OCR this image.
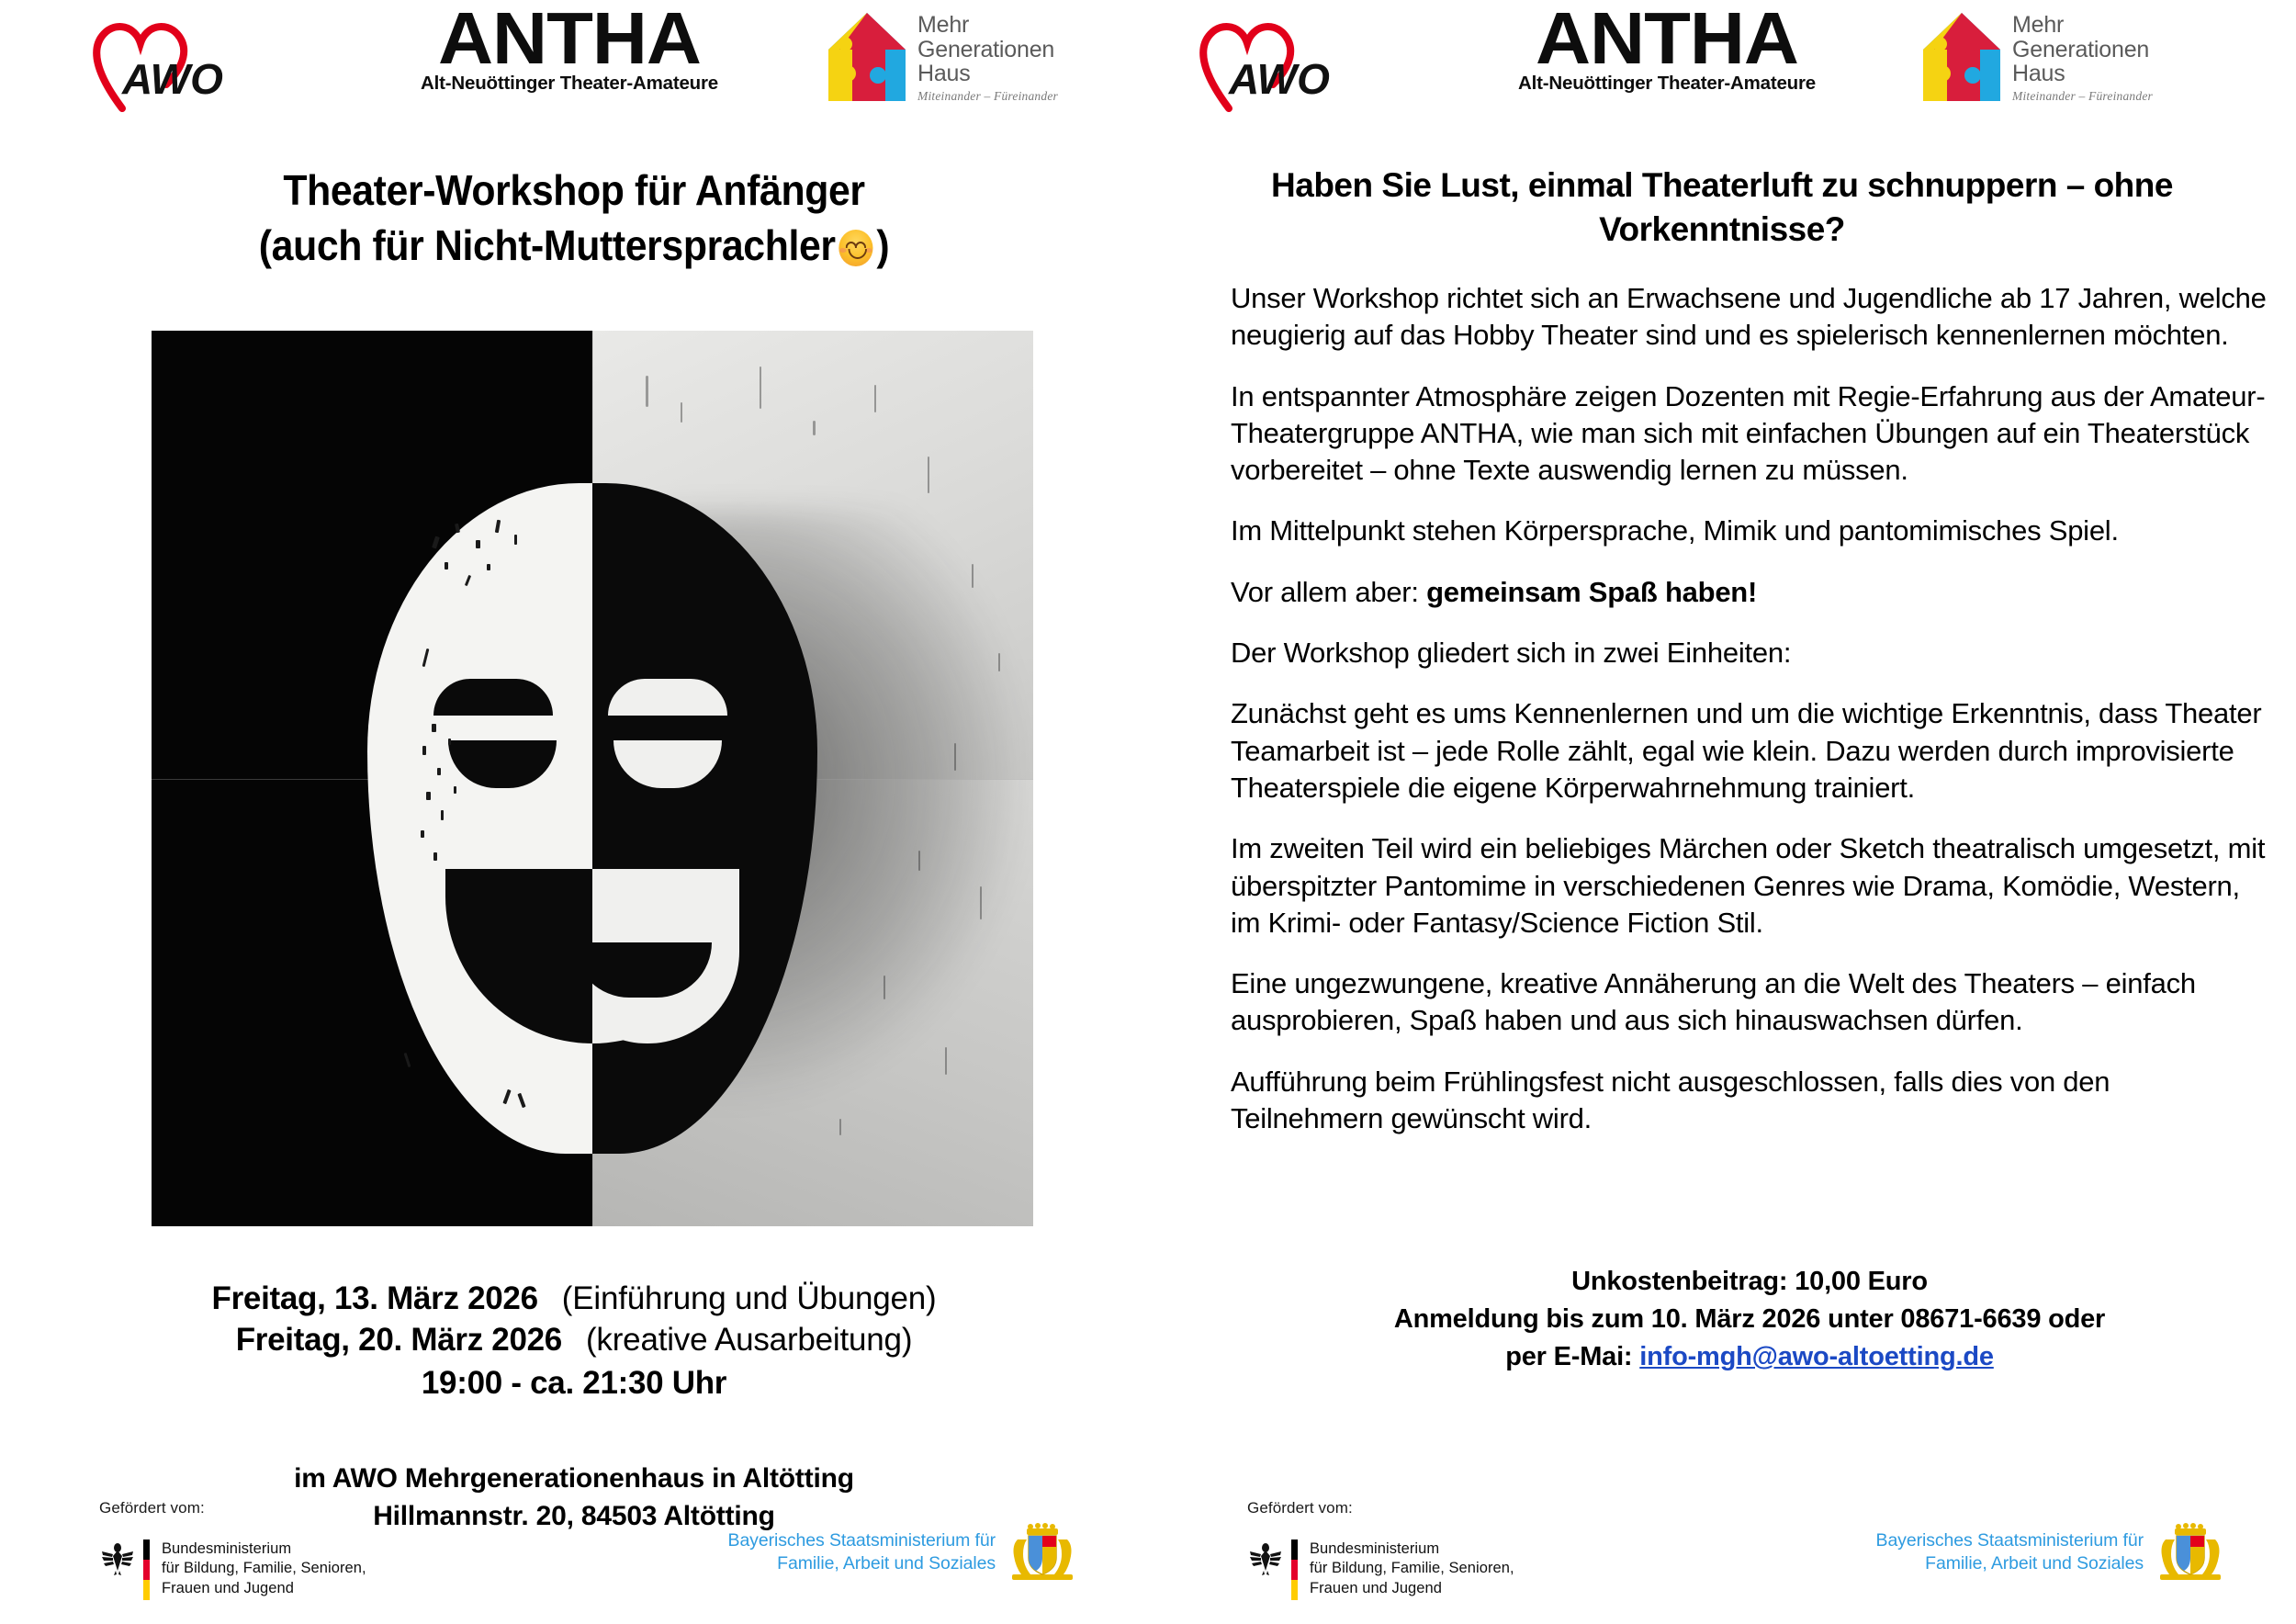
AWO	ANTHA
Alt-Neuöttinger Theater-Amateure
Mehr
Generationen
Haus
Miteinander – Füreinander
Theater-Workshop für Anfänger
(auch für Nicht-Muttersprachler )
Freitag, 13. März 2026 (Einführung und Übungen)
Freitag, 20. März 2026 (kreative Ausarbeitung)
19:00 - ca. 21:30 Uhr
im AWO Mehrgenerationenhaus in Altötting
Hillmannstr. 20, 84503 Altötting
Gefördert vom:
Bundesministerium
für Bildung, Familie, Senioren,
Frauen und Jugend
Bayerisches Staatsministerium für
Familie, Arbeit und Soziales
AWO	ANTHA
Alt-Neuöttinger Theater-Amateure
Mehr
Generationen
Haus
Miteinander – Füreinander
Haben Sie Lust, einmal Theaterluft zu schnuppern – ohne
Vorkenntnisse?
Gefördert vom:
Bundesministerium
für Bildung, Familie, Senioren,
Frauen und Jugend
Bayerisches Staatsministerium für
Familie, Arbeit und Soziales

Unser Workshop richtet sich an Erwachsene und Jugendliche ab 17 Jahren, welche neugierig auf das Hobby Theater sind und es spielerisch kennenlernen möchten.

In entspannter Atmosphäre zeigen Dozenten mit Regie-Erfahrung aus der Amateur-Theatergruppe ANTHA, wie man sich mit einfachen Übungen auf ein Theaterstück vorbereitet – ohne Texte auswendig lernen zu müssen.

Im Mittelpunkt stehen Körpersprache, Mimik und pantomimisches Spiel.

Vor allem aber: gemeinsam Spaß haben!

Der Workshop gliedert sich in zwei Einheiten:

Zunächst geht es ums Kennenlernen und um die wichtige Erkenntnis, dass Theater Teamarbeit ist – jede Rolle zählt, egal wie klein. Dazu werden durch improvisierte Theaterspiele die eigene Körperwahrnehmung trainiert.

Im zweiten Teil wird ein beliebiges Märchen oder Sketch theatralisch umgesetzt, mit überspitzter Pantomime in verschiedenen Genres wie Drama, Komödie, Western, im Krimi- oder Fantasy/Science Fiction Stil.

Eine ungezwungene, kreative Annäherung an die Welt des Theaters – einfach ausprobieren, Spaß haben und aus sich hinauswachsen dürfen.

Aufführung beim Frühlingsfest nicht ausgeschlossen, falls dies von den Teilnehmern gewünscht wird.

Unkostenbeitrag: 10,00 Euro
Anmeldung bis zum 10. März 2026 unter 08671-6639 oder
per E-Mai: info-mgh@awo-altoetting.de
